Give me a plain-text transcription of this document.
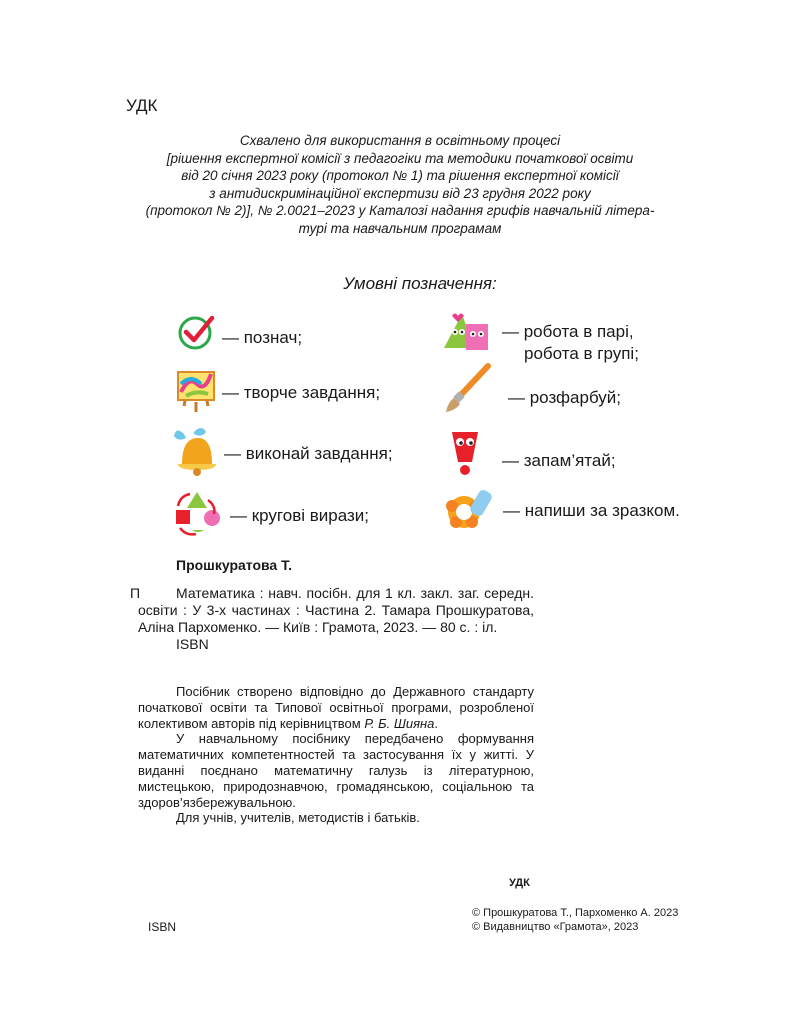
УДК
Схвалено для використання в освітньому процесі
[рішення експертної комісії з педагогіки та методики початкової освіти
від 20 січня 2023 року (протокол № 1) та рішення експертної комісії
з антидискримінаційної експертизи від 23 грудня 2022 року
(протокол № 2)], № 2.0021–2023 у Каталозі надання грифів навчальній літера-
турі та навчальним програмам
Умовні позначення:
— познач;	— робота в парі,
робота в групі;
— творче завдання;	— розфарбуй;
— виконай завдання;	— запам’ятай;
— кругові вирази;	— напиши за зразком.
Прошкуратова Т.
П	Математика : навч. посібн. для 1 кл. закл. заг. середн. освіти : У 3-х частинах : Частина 2. Тамара Прошкуратова, Аліна Пархоменко. — Київ : Грамота, 2023. — 80 с. : іл.

ISBN

Посібник створено відповідно до Державного стандарту початкової освіти та Типової освітньої програми, розробленої колективом авторів під керівництвом Р. Б. Шияна.

У навчальному посібнику передбачено формування математичних компетентностей та застосування їх у житті. У виданні поєднано математичну галузь із літературною, мистецькою, природознавчою, громадянською, соціальною та здоров’язбережувальною.

Для учнів, учителів, методистів і батьків.

УДК
ISBN
© Прошкуратова Т., Пархоменко А. 2023
© Видавництво «Грамота», 2023
